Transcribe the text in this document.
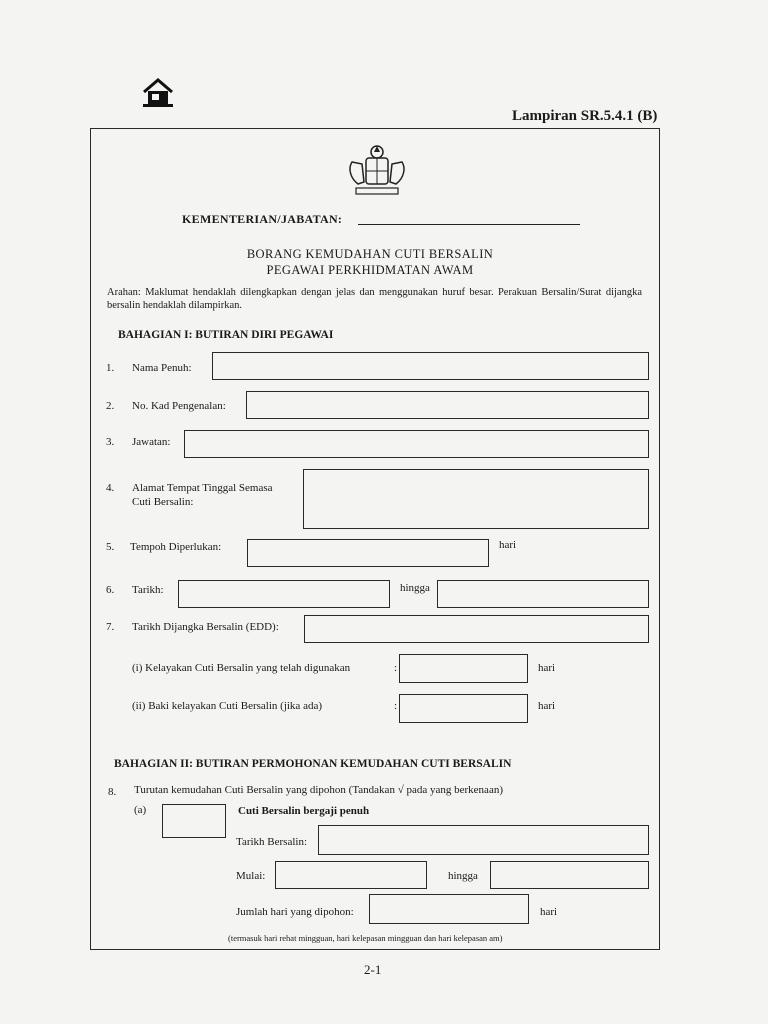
Lampiran SR.5.4.1 (B)
KEMENTERIAN/JABATAN:
BORANG KEMUDAHAN CUTI BERSALIN
PEGAWAI PERKHIDMATAN AWAM
Arahan: Maklumat hendaklah dilengkapkan dengan jelas dan menggunakan huruf besar. Perakuan Bersalin/Surat dijangka bersalin hendaklah dilampirkan.
BAHAGIAN I: BUTIRAN DIRI PEGAWAI
1. Nama Penuh:
2. No. Kad Pengenalan:
3. Jawatan:
4. Alamat Tempat Tinggal Semasa
Cuti Bersalin:
5. Tempoh Diperlukan:	hari
6. Tarikh:	hingga
7. Tarikh Dijangka Bersalin (EDD):
(i) Kelayakan Cuti Bersalin yang telah digunakan	:	hari
(ii) Baki kelayakan Cuti Bersalin (jika ada)	:	hari
BAHAGIAN II: BUTIRAN PERMOHONAN KEMUDAHAN CUTI BERSALIN
8. Turutan kemudahan Cuti Bersalin yang dipohon (Tandakan √ pada yang berkenaan)
(a)	Cuti Bersalin bergaji penuh
Tarikh Bersalin:
Mulai:	hingga
Jumlah hari yang dipohon:	hari
(termasuk hari rehat mingguan, hari kelepasan mingguan dan hari kelepasan am)
2-1
